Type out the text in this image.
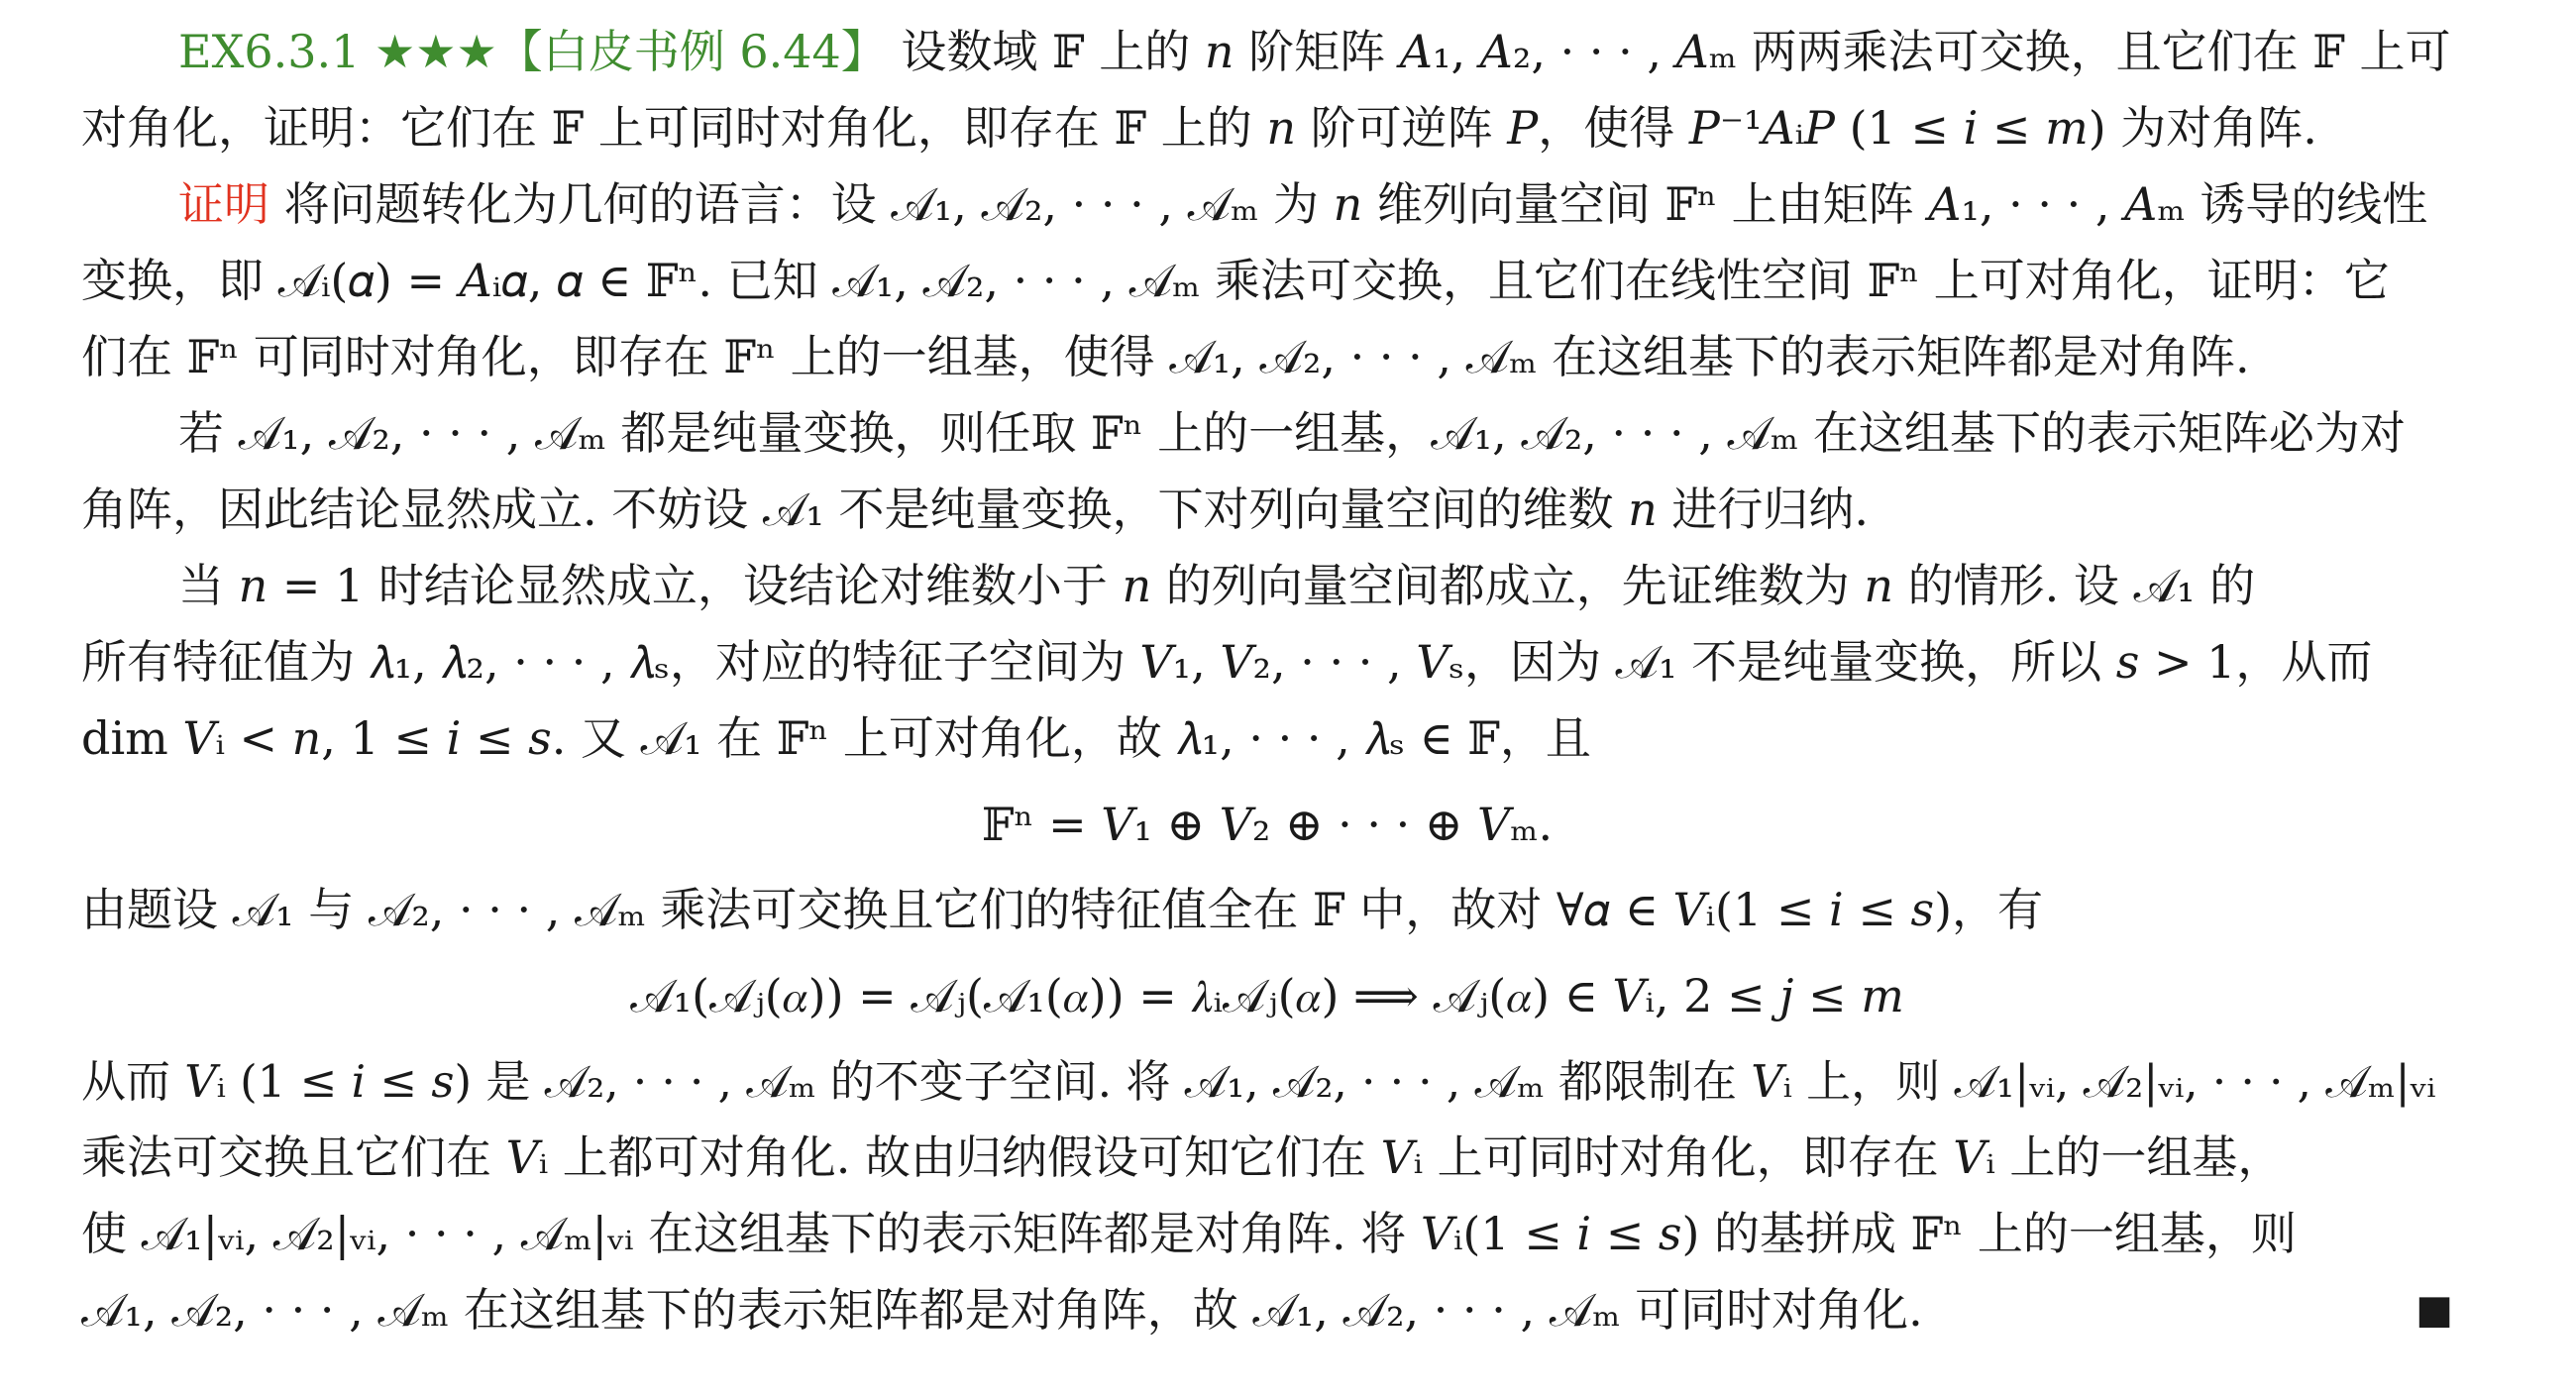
EX6.3.1 ★★★【白皮书例 6.44】 设数域 𝔽 上的 𝑛 阶矩阵 𝐴₁, 𝐴₂, · · · , 𝐴ₘ 两两乘法可交换，且它们在 𝔽 上可
对角化，证明：它们在 𝔽 上可同时对角化，即存在 𝔽 上的 𝑛 阶可逆阵 𝑃，使得 𝑃⁻¹𝐴ᵢ𝑃 (1 ≤ 𝑖 ≤ 𝑚) 为对角阵.
证明 将问题转化为几何的语言：设 𝒜₁, 𝒜₂, · · · , 𝒜ₘ 为 𝑛 维列向量空间 𝔽ⁿ 上由矩阵 𝐴₁, · · · , 𝐴ₘ 诱导的线性
变换，即 𝒜ᵢ(𝛼) = 𝐴ᵢ𝛼, 𝛼 ∈ 𝔽ⁿ. 已知 𝒜₁, 𝒜₂, · · · , 𝒜ₘ 乘法可交换，且它们在线性空间 𝔽ⁿ 上可对角化，证明：它
们在 𝔽ⁿ 可同时对角化，即存在 𝔽ⁿ 上的一组基，使得 𝒜₁, 𝒜₂, · · · , 𝒜ₘ 在这组基下的表示矩阵都是对角阵.
若 𝒜₁, 𝒜₂, · · · , 𝒜ₘ 都是纯量变换，则任取 𝔽ⁿ 上的一组基，𝒜₁, 𝒜₂, · · · , 𝒜ₘ 在这组基下的表示矩阵必为对
角阵，因此结论显然成立. 不妨设 𝒜₁ 不是纯量变换，下对列向量空间的维数 𝑛 进行归纳.
当 𝑛 = 1 时结论显然成立，设结论对维数小于 𝑛 的列向量空间都成立，先证维数为 𝑛 的情形. 设 𝒜₁ 的
所有特征值为 𝜆₁, 𝜆₂, · · · , 𝜆ₛ，对应的特征子空间为 𝑉₁, 𝑉₂, · · · , 𝑉ₛ，因为 𝒜₁ 不是纯量变换，所以 𝑠 > 1，从而
dim 𝑉ᵢ < 𝑛, 1 ≤ 𝑖 ≤ 𝑠. 又 𝒜₁ 在 𝔽ⁿ 上可对角化，故 𝜆₁, · · · , 𝜆ₛ ∈ 𝔽，且
𝔽ⁿ = 𝑉₁ ⊕ 𝑉₂ ⊕ · · · ⊕ 𝑉ₘ.
由题设 𝒜₁ 与 𝒜₂, · · · , 𝒜ₘ 乘法可交换且它们的特征值全在 𝔽 中，故对 ∀𝛼 ∈ 𝑉ᵢ(1 ≤ 𝑖 ≤ 𝑠)，有
𝒜₁(𝒜ⱼ(𝛼)) = 𝒜ⱼ(𝒜₁(𝛼)) = 𝜆ᵢ𝒜ⱼ(𝛼) ⟹ 𝒜ⱼ(𝛼) ∈ 𝑉ᵢ, 2 ≤ 𝑗 ≤ 𝑚
从而 𝑉ᵢ (1 ≤ 𝑖 ≤ 𝑠) 是 𝒜₂, · · · , 𝒜ₘ 的不变子空间. 将 𝒜₁, 𝒜₂, · · · , 𝒜ₘ 都限制在 𝑉ᵢ 上，则 𝒜₁|ᵥᵢ, 𝒜₂|ᵥᵢ, · · · , 𝒜ₘ|ᵥᵢ
乘法可交换且它们在 𝑉ᵢ 上都可对角化. 故由归纳假设可知它们在 𝑉ᵢ 上可同时对角化，即存在 𝑉ᵢ 上的一组基，
使 𝒜₁|ᵥᵢ, 𝒜₂|ᵥᵢ, · · · , 𝒜ₘ|ᵥᵢ 在这组基下的表示矩阵都是对角阵. 将 𝑉ᵢ(1 ≤ 𝑖 ≤ 𝑠) 的基拼成 𝔽ⁿ 上的一组基，则
𝒜₁, 𝒜₂, · · · , 𝒜ₘ 在这组基下的表示矩阵都是对角阵，故 𝒜₁, 𝒜₂, · · · , 𝒜ₘ 可同时对角化.	■
